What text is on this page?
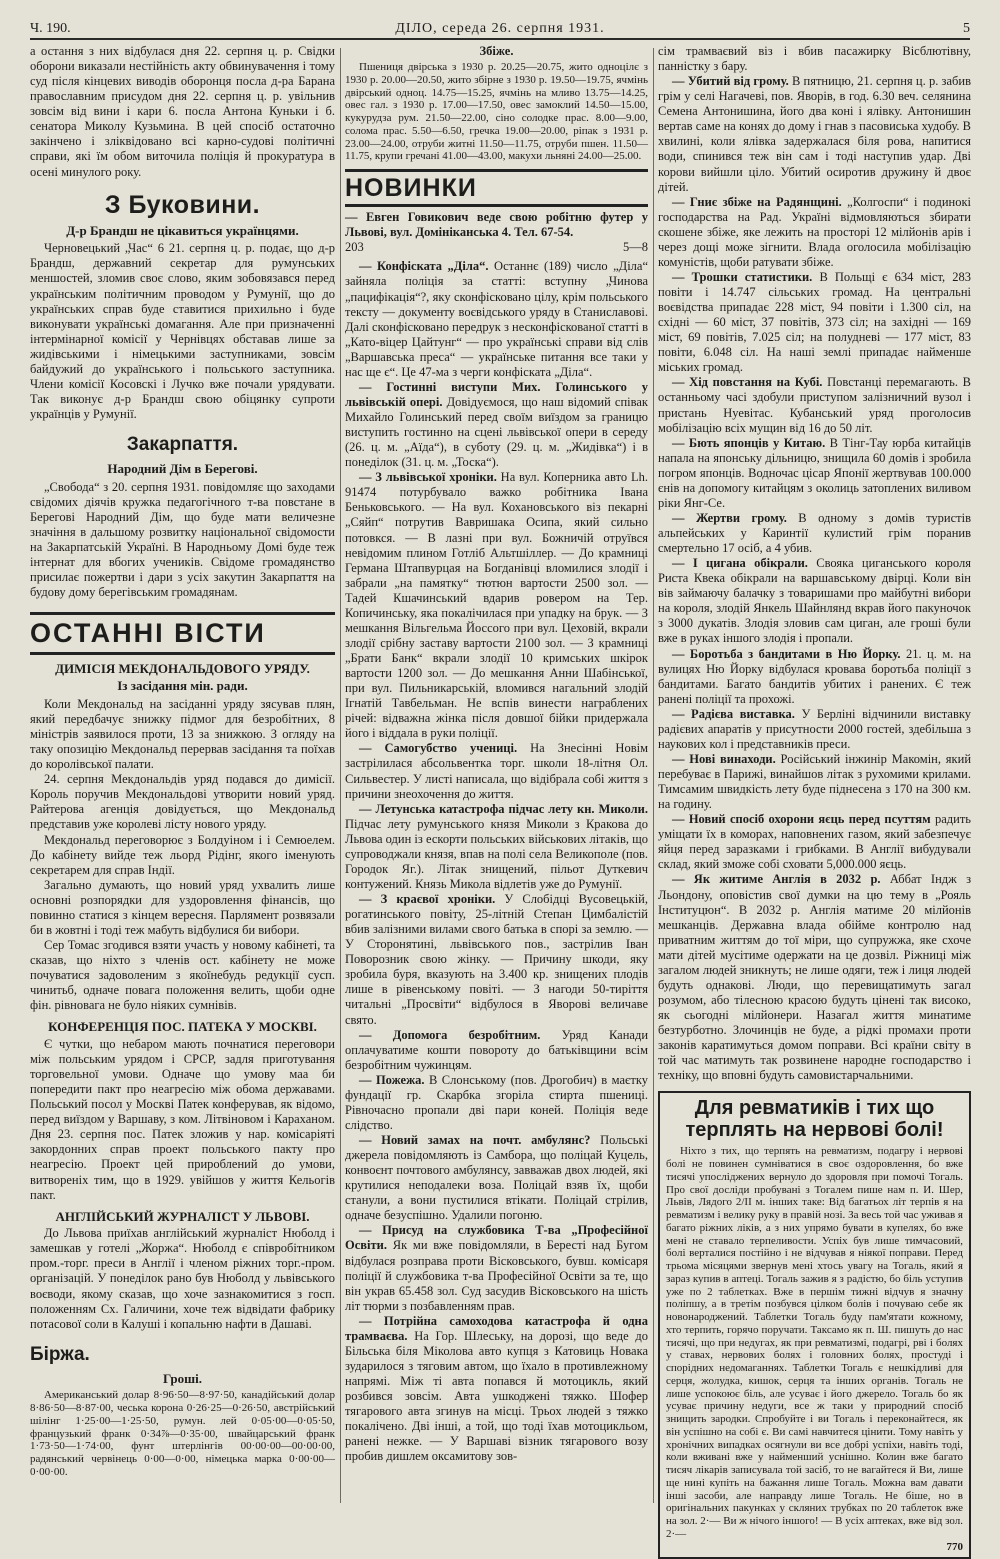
Ч. 190.	ДІЛО, середа 26. серпня 1931.	5

а остання з них відбулася дня 22. серпня ц. р. Свідки оборони виказали нестійність акту обвинувачення і тому суд після кінцевих виводів оборонця посла д-ра Барана православним присудом дня 22. серпня ц. р. увільнив зовсім від вини і кари 6. посла Антона Куньки і б. сенатора Миколу Кузьмина. В цей спосіб остаточно закінчено і зліквідовано всі карно-судові політичні справи, які їм обом виточила поліція й прокуратура в осені минулого року.

З Буковини.
Д-р Брандш не цікавиться українцями.

Черновецький „Час“ 6 21. серпня ц. р. подає, що д-р Брандш, державний секретар для румунських меншостей, зломив своє слово, яким зобовязався перед українським політичним проводом у Румунії, що до українських справ буде ставитися прихильно і буде виконувати українські домагання. Але при призначенні інтермінарної комісії у Чернівцях обставав лише за жидівськими і німецькими заступниками, зовсім байдужий до українського і польського заступника. Члени комісії Косовскі і Лучко вже почали урядувати. Так виконує д-р Брандш свою обіцянку супроти українців у Румунії.

Закарпаття.
Народний Дім в Береговi.

„Свобода“ з 20. серпня 1931. повідомляє що заходами свідомих діячів кружка педагогічного т-ва повстане в Берегові Народний Дім, що буде мати величезне значіння в дальшому розвитку національної свідомости на Закарпатській Україні. В Народньому Домі буде теж інтернат для вбогих учеників. Свідоме громадянство присилає пожертви і дари з усіх закутин Закарпаття на будову дому берегівським громадянам.

ОСТАННІ ВІСТИ
ДИМІСІЯ МЕКДОНАЛЬДОВОГО УРЯДУ.
Із засідання мін. ради.

Коли Мекдональд на засіданні уряду зясував плян, який передбачує знижку підмог для безробітних, 8 міністрів заявилося проти, 13 за знижкою. З огляду на таку опозицію Мекдональд перервав засідання та поїхав до королівської палати.

24. серпня Мекдональдів уряд подався до димісії. Король поручив Мекдональдові утворити новий уряд. Райтерова агенція довідується, що Мекдональд представив уже королеві лісту нового уряду.

Мекдональд переговорює з Болдуіном і і Семюелем. До кабінету вийде теж льорд Рідінг, якого іменують секретарем для справ Індії.

Загально думають, що новий уряд ухвалить лише основні розпорядки для уздоровлення фінансів, що повинно статися з кінцем вересня. Парлямент розвязали би в жовтні і тоді теж мабуть відбулися би вибори.

Сер Томас згодився взяти участь у новому кабінеті, та сказав, що ніхто з членів ост. кабінету не може почуватися задоволеним з якоїнебудь редукції сусп. чинитьб, одначе повага положення велить, щоби одне фін. рівновага не було ніяких сумнівів.

КОНФЕРЕНЦІЯ ПОС. ПАТЕКА У МОСКВІ.

Є чутки, що небаром мають почнатися переговори між польським урядом і СРСР, задля приготування торговельної умови. Одначе що умову маа би попередити пакт про неагресію між обома державами. Польський посол у Москві Патек конферував, як відомо, перед виїздом у Варшаву, з ком. Літвіновом і Караханом. Дня 23. серпня пос. Патек зложив у нар. комісаріяті закордонних справ проект польського пакту про неагресію. Проект цей прироблений до умови, витвореніх тим, що в 1929. увійшов у життя Кельогів пакт.

АНГЛІЙСЬКИЙ ЖУРНАЛІСТ У ЛЬВОВІ.

До Львова приїхав англійський журналіст Нюболд і замешкав у готелі „Жоржа“. Нюболд є співробітником пром.-торг. преси в Англії і членом ріжних торг.-пром. організацій. У понеділок рано був Нюболд у львівського воєводи, якому сказав, що хоче зазнакомитися з госп. положенням Сх. Галичини, хоче теж відвідати фабрику потасової соли в Калуші і копальню нафти в Дашаві.

Біржа.
Гроші.

Американський долар 8·96·50—8·97·50, канадійський долар 8·86·50—8·87·00, чеська корона 0·26·25—0·26·50, австрійський шілінг 1·25·00—1·25·50, румун. лей 0·05·00—0·05·50, французький франк 0·34⅞—0·35·00, швайцарський франк 1·73·50—1·74·00, фунт штерлінгів 00·00·00—00·00·00, радянський червінець 0·00—0·00, німецька марка 0·00·00—0·00·00.

Збіже.

Пшениця двірська з 1930 р. 20.25—20.75, жито одноцілє з 1930 р. 20.00—20.50, жито збірне з 1930 р. 19.50—19.75, ячмінь двірський одноц. 14.75—15.25, ячмінь на мливо 13.75—14.25, овес гал. з 1930 р. 17.00—17.50, овес замоклий 14.50—15.00, кукурудза рум. 21.50—22.00, сіно солодке прас. 8.00—9.00, солома прас. 5.50—6.50, гречка 19.00—20.00, ріпак з 1931 р. 23.00—24.00, отруби житні 11.50—11.75, отруби пшен. 11.50—11.75, крупи гречані 41.00—43.00, макухи льняні 24.00—25.00.

НОВИНКИ

— Евген Говикович веде свою робітню футер у Львові, вул. Домініканська 4. Тел. 67-54.

203	5—8

— Конфіската „Діла“. Останнє (189) число „Діла“ зайняла поліція за статті: вступну „Чинова „пацифікація“?, яку сконфісковано цілу, крім польського тексту — документу воєвідського уряду в Станиславові. Далі сконфісковано передрук з несконфіскованої статті в „Като-віцер Цайтунг“ — про українські справи від слів „Варшавська преса“ — українське питання все таки у нас ще є“. Це 47-ма з черги конфіската „Діла“.

— Гостинні виступи Мих. Голинського у львівській опері. Довідуємося, що наш відомий співак Михайло Голинський перед своїм виїздом за границю виступить гостинно на сцені львівської опери в середу (26. ц. м. „Аїда“), в суботу (29. ц. м. „Жидівка“) і в понеділок (31. ц. м. „Тоска“).

— З львівської хроніки. На вул. Коперника авто Lh. 91474 потурбувало важко робітника Івана Беньковського. — На вул. Кохановського віз пекарні „Сяйп“ потрутив Вавришака Осипа, який сильно потовкся. — В лазні при вул. Божничій отруївся невідомим плином Готліб Альтшіллер. — До крамниці Германа Штапвурцая на Богданівці вломилися злодії і забрали „на памятку“ тютюн вартости 2500 зол. — Тадей Кшачинський вдарив ровером на Тер. Копичинську, яка покалічилася при упадку на брук. — З мешкання Вільгельма Йоссого при вул. Цеховій, вкрали злодії срібну заставу вартости 2100 зол. — З крамниці „Брати Банк“ вкрали злодії 10 кримських шкірок вартости 1200 зол. — До мешкання Анни Шабінської, при вул. Пильникарській, вломився нагальний злодій Ігнатій Тавбельман. Не вспів винести награблених річей: відважна жінка після довшої бійки придержала його і віддала в руки поліції.

— Самогубство учениці. На Знесінні Новім застрілилася абсольвентка торг. школи 18-літня Ол. Сильвестер. У листі написала, що відібрала собі життя з причини знеохочення до життя.

— Летунська катастрофа підчас лету кн. Миколи. Підчас лету румунського князя Миколи з Кракова до Львова один із ескорти польських військових літаків, що супроводжали князя, впав на полі села Великополе (пов. Городок Яг.). Літак знищений, пільот Дуткевич контужений. Князь Микола відлетів уже до Румунії.

— З краєвої хроніки. У Слобідці Вусовецькій, рогатинського повіту, 25-літній Степан Цимбалістій вбив залізними вилами свого батька в спорі за землю. — У Сторонятині, львівського пов., застрілив Іван Поворозник свою жінку. — Причину шкоди, яку зробила буря, вказують на 3.400 кр. знищених плодів лише в рівенському повіті. — З нагоди 50-тиріття читальні „Просвіти“ відбулося в Яворові величаве свято.

— Допомога безробітним. Уряд Канади оплачуватиме кошти повороту до батьківщини всім безробітним чужинцям.

— Пожежа. В Слонському (пов. Дрогобич) в маєтку фундації гр. Скарбка згоріла стирта пшениці. Рівночасно пропали дві пари коней. Поліція веде слідство.

— Новий замах на почт. амбулянс? Польські джерела повідомляють із Самбора, що поліцай Куцель, конвоєнт почтового амбулянсу, завважав двох людей, які крутилися неподалеки воза. Поліцай взяв їх, щоби станули, а вони пустилися втікати. Поліцай стрілив, одначе безуспішно. Удалили погоню.

— Присуд на службовика Т-ва „Професійної Освіти. Як ми вже повідомляли, в Бересті над Бугом відбулася розправа проти Вісковського, бувш. комісаря поліції й службовика т-ва Професійної Освіти за те, що він украв 65.458 зол. Суд засудив Вісковського на шість літ тюрми з позбавленням прав.

— Потрійна самоходова катастрофа й одна трамваєва. На Гор. Шлеську, на дорозі, що веде до Більська біля Міколова авто купця з Катовиць Новака зударилося з тяговим автом, що їхало в противлежному напрямі. Між ті авта попався й мотоцикль, який розбився зовсім. Авта ушкоджені тяжко. Шофер тягарового авта згинув на місці. Трьох людей з тяжко покалічено. Дві інші, а той, що тоді їхав мотоцикльом, ранені нежке. — У Варшаві візник тягарового возу пробив дишлем оксамитову зов-

сім трамваєвий віз і вбив пасажирку Вісблютівну, панністку з бару.

— Убитий від грому. В пятницю, 21. серпня ц. р. забив грім у селі Нагачеві, пов. Яворів, в год. 6.30 веч. селянина Семена Антонишина, його два коні і ялівку. Антонишин вертав саме на конях до дому і гнав з пасовиська худобу. В хвилині, коли ялівка задержалася біля рова, напитися води, спинився теж він сам і тоді наступив удар. Дві корови вийшли ціло. Убитий осиротив дружину й двоє дітей.

— Гниє збіже на Радянщині. „Колгоспи“ і подинокі господарства на Рад. Україні відмовляються збирати скошене збіже, яке лежить на просторі 12 мілйонів арів і через дощі може зігнити. Влада оголосила мобілізацію комуністів, щоби ратувати збіже.

— Трошки статистики. В Польщі є 634 міст, 283 повіти і 14.747 сільських громад. На центральні воєвідства припадає 228 міст, 94 повіти і 1.300 сіл, на східні — 60 міст, 37 повітів, 373 сіл; на західні — 169 міст, 69 повітів, 7.025 сіл; на полудневі — 177 міст, 83 повіти, 6.048 сіл. На нашi землі припадає найменше міських громад.

— Хід повстання на Кубі. Повстанці перемагають. В останньому часі здобули приступом залізничний вузол і пристань Нуевітас. Кубанський уряд проголосив мобілізацію всіх мущин від 16 до 50 літ.

— Бють японців у Китаю. В Тінг-Тау юрба китайців напала на японську дільницю, знищила 60 домів і зробила погром японців. Водночас цісар Японії жертвував 100.000 єнів на допомогу китайцям з околиць затоплених виливом ріки Янг-Се.

— Жертви грому. В одному з домів туристів альпейських у Каринтії кулистий грім поранив смертельно 17 осіб, а 4 убив.

— І цигана обікрали. Свояка циганського короля Риста Квека обікрали на варшавському двірці. Коли він вів займаючу балачку з товаришами про майбутні вибори на короля, злодій Янкель Шайнлянд вкрав його пакуночок з 3000 дукатів. Злодія зловив сам циган, але гроші були вже в руках іншого злодія і пропали.

— Боротьба з бандитами в Ню Йорку. 21. ц. м. на вулицях Ню Йорку відбулася кровава боротьба поліції з бандитами. Багато бандитів убитих і ранених. Є теж ранені поліції та прохожі.

— Радієва виставка. У Берліні відчинили виставку радієвих апаратів у присутности 2000 гостей, здебільша з наукових кол і представників преси.

— Нові винаходи. Російський інжинір Макомін, який перебуває в Парижі, винайшов літак з рухомими крилами. Тимсамим швидкість лету буде піднесена з 170 на 300 км. на годину.

— Новий спосіб охорони яєць перед псуттям радить уміщати їх в коморах, наповнених газом, який забезпечує яйця перед заразками і грибками. В Англії вибудували склад, який зможе собі сховати 5,000.000 яєць.

— Як житиме Англія в 2032 р. Аббат Індж з Льондону, оповістив свої думки на цю тему в „Рояль Інституцюн“. В 2032 р. Англія матиме 20 мілйонів мешканців. Державна влада обіймe контролю над приватним життям до тої міри, що супружжа, яке схоче мати дітей мусітиме одержати на це дозвіл. Ріжниці між загалом людей зникнуть; не лише одяги, теж і лиця людей будуть однакові. Люди, що перевищатимуть загал розумом, або тілесною красою будуть цінені так високо, як сьогодні мілйонери. Назагал життя минатиме безтурботно. Злочинців не буде, а рідкі промахи проти законів каратимуться домом поправи. Всі країни світу в той час матимуть так розвинене народне господарство і технiку, що вповні будуть самовистарчальними.

Для ревматиків і тих що терплять на нервові болі!

Ніхто з тих, що терпять на ревматизм, подагру і нервові болі не повинен сумніватися в своє оздоровлення, бо вже тисячі упосліджених вернуло до здоровля при помочі Тогаль. Про свої досліди пробувані з Тогалем пише нам п. И. Шер, Львів, Лядого 2/II м. інших таке: Від багатьох літ терпів я на ревматизм і велику руку в правій нозі. За весь той час уживав я багато ріжних ліків, а з них упрямо бувати в купелях, бо вже мені не ставало терпеливости. Успіх був лише тимчасовий, болі верталися постійно і не відчував я ніякої поправи. Перед трьома місяцями звернув мені хтось увагу на Тогаль, який я зараз купив в аптеці. Тогаль зажив я з радістю, бо біль уступив уже по 2 таблетках. Вже в першім тижні відчув я значну поліпшу, а в третім позбувся цілком болів і почуваю себе як новонароджений. Таблетки Тогаль буду пам'ятати кожному, хто терпить, горячо поручати. Таксамо як п. Ш. пишуть до нас тисячі, що при недугах, як при ревматизмі, подагрі, рві і болях у ставах, нервових болях і головних болях, простуді і спорідних недомаганнях. Таблетки Тогаль є нешкідливі для серця, жолудка, кишок, серця та інших органів. Тогаль не лише успокоює біль, але усуває і його джерело. Тогаль бо як усуває причину недуги, все ж таки у природний спосіб знищить зародки. Спробуйте і ви Тогаль і переконайтеся, як він успішно на собі є. Ви самі навчитеся цінити. Тому навіть у хронічних випадках осягнули ви все добрі успіхи, навіть тоді, коли вживані вже у найменший уснішно. Колин вже багато тисяч лікарів записувала той засіб, то не вагайтеся й Ви, лише ще нині купіть на бажання лише Тогаль. Можна вам давати інші засоби, але направду лише Тогаль. Не біше, но в оригінальних пакунках у скляних трубках по 20 таблеток вже на зол. 2·— Ви ж нічого іншого! — В усіх аптеках, вже від зол. 2·—

770
